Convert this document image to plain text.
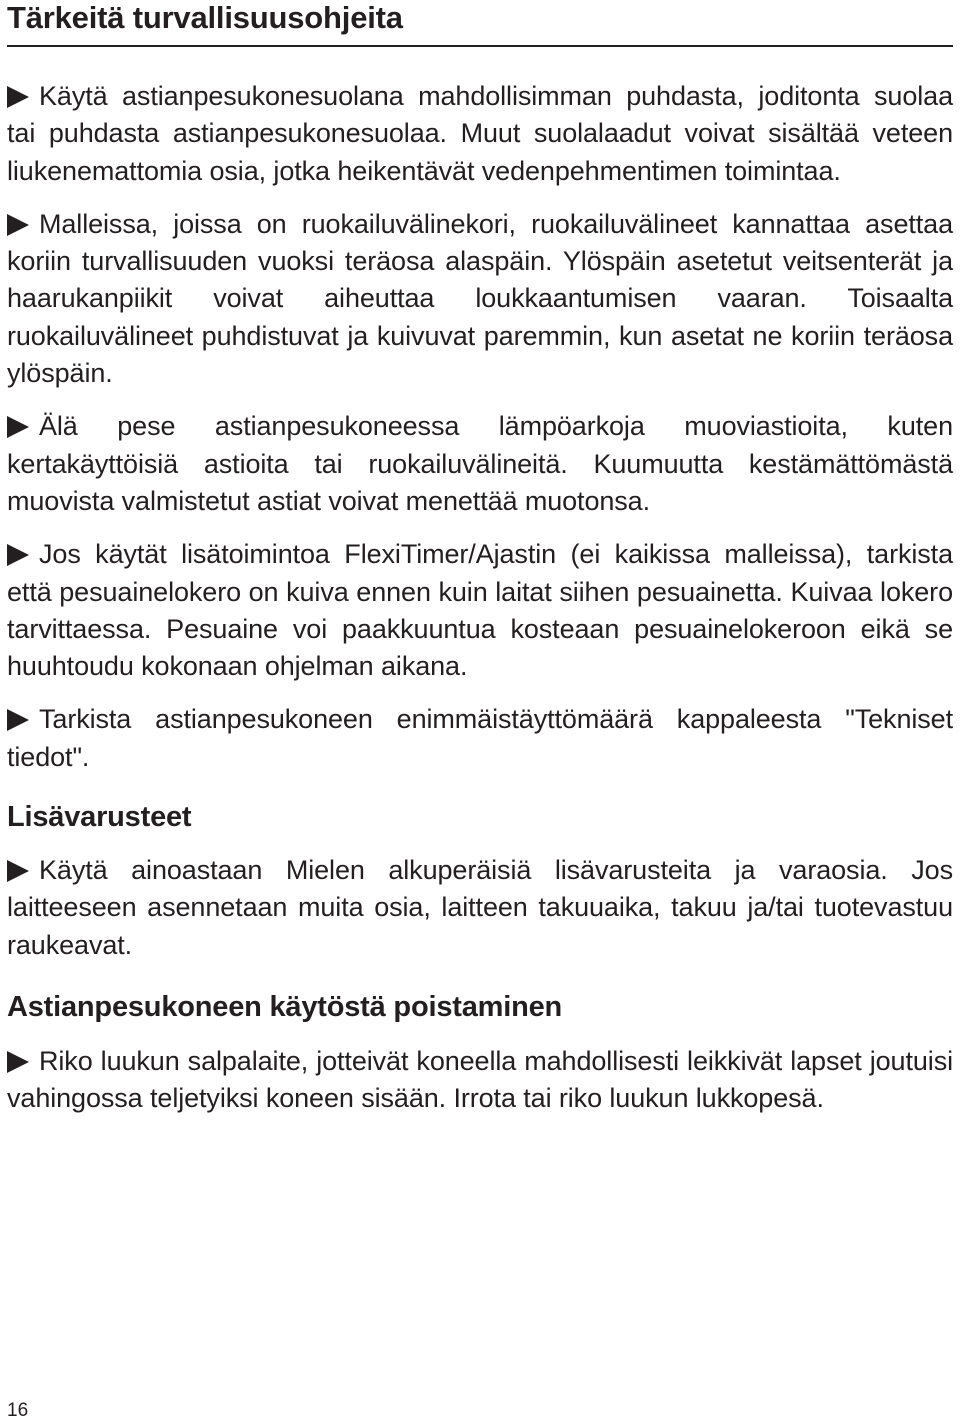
Tärkeitä turvallisuusohjeita

Käytä astianpesukonesuolana mahdollisimman puhdasta, joditonta suolaa tai puhdasta astianpesukonesuolaa. Muut suolalaadut voivat sisältää veteen liukenemattomia osia, jotka heikentävät vedenpehmentimen toimintaa.

Malleissa, joissa on ruokailuvälinekori, ruokailuvälineet kannattaa asettaa koriin turvallisuuden vuoksi teräosa alaspäin. Ylöspäin asetetut veitsenterät ja haarukanpiikit voivat aiheuttaa loukkaantumisen vaaran. Toisaalta ruokailuvälineet puhdistuvat ja kuivuvat paremmin, kun asetat ne koriin teräosa ylöspäin.

Älä pese astianpesukoneessa lämpöarkoja muoviastioita, kuten kertakäyttöisiä astioita tai ruokailuvälineitä. Kuumuutta kestämättömästä muovista valmistetut astiat voivat menettää muotonsa.

Jos käytät lisätoimintoa FlexiTimer/Ajastin (ei kaikissa malleissa), tarkista että pesuainelokero on kuiva ennen kuin laitat siihen pesuainetta. Kuivaa lokero tarvittaessa. Pesuaine voi paakkuuntua kosteaan pesuainelokeroon eikä se huuhtoudu kokonaan ohjelman aikana.

Tarkista astianpesukoneen enimmäistäyttömäärä kappaleesta "Tekniset tiedot".

Lisävarusteet

Käytä ainoastaan Mielen alkuperäisiä lisävarusteita ja varaosia. Jos laitteeseen asennetaan muita osia, laitteen takuuaika, takuu ja/tai tuotevastuu raukeavat.

Astianpesukoneen käytöstä poistaminen

Riko luukun salpalaite, jotteivät koneella mahdollisesti leikkivät lapset joutuisi vahingossa teljetyiksi koneen sisään. Irrota tai riko luukun lukkopesä.

16
